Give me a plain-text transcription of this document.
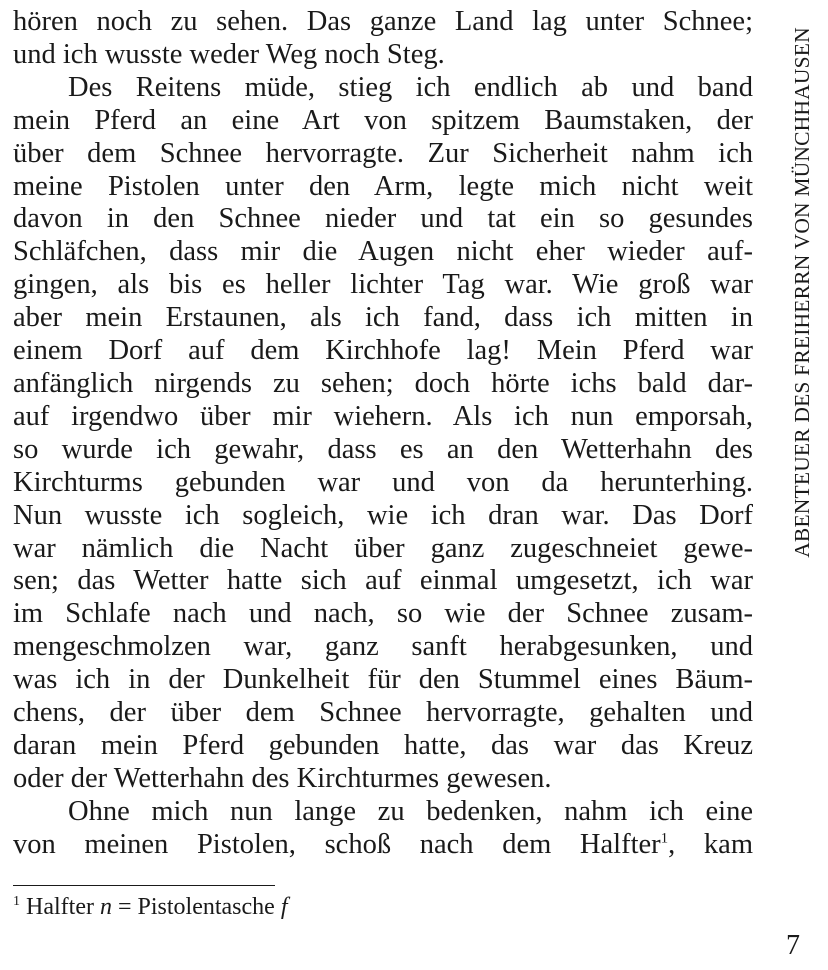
hören noch zu sehen. Das ganze Land lag unter Schnee;
und ich wusste weder Weg noch Steg.
Des Reitens müde, stieg ich endlich ab und band
mein Pferd an eine Art von spitzem Baumstaken, der
über dem Schnee hervorragte. Zur Sicherheit nahm ich
meine Pistolen unter den Arm, legte mich nicht weit
davon in den Schnee nieder und tat ein so gesundes
Schläfchen, dass mir die Augen nicht eher wieder auf-
gingen, als bis es heller lichter Tag war. Wie groß war
aber mein Erstaunen, als ich fand, dass ich mitten in
einem Dorf auf dem Kirchhofe lag! Mein Pferd war
anfänglich nirgends zu sehen; doch hörte ichs bald dar-
auf irgendwo über mir wiehern. Als ich nun emporsah,
so wurde ich gewahr, dass es an den Wetterhahn des
Kirchturms gebunden war und von da herunterhing.
Nun wusste ich sogleich, wie ich dran war. Das Dorf
war nämlich die Nacht über ganz zugeschneiet gewe-
sen; das Wetter hatte sich auf einmal umgesetzt, ich war
im Schlafe nach und nach, so wie der Schnee zusam-
mengeschmolzen war, ganz sanft herabgesunken, und
was ich in der Dunkelheit für den Stummel eines Bäum-
chens, der über dem Schnee hervorragte, gehalten und
daran mein Pferd gebunden hatte, das war das Kreuz
oder der Wetterhahn des Kirchturmes gewesen.
Ohne mich nun lange zu bedenken, nahm ich eine
von meinen Pistolen, schoß nach dem Halfter$^1$, kam
$^1$ Halfter n = Pistolentasche f
ABENTEUER DES FREIHERRN VON MÜNCHHAUSEN
7
